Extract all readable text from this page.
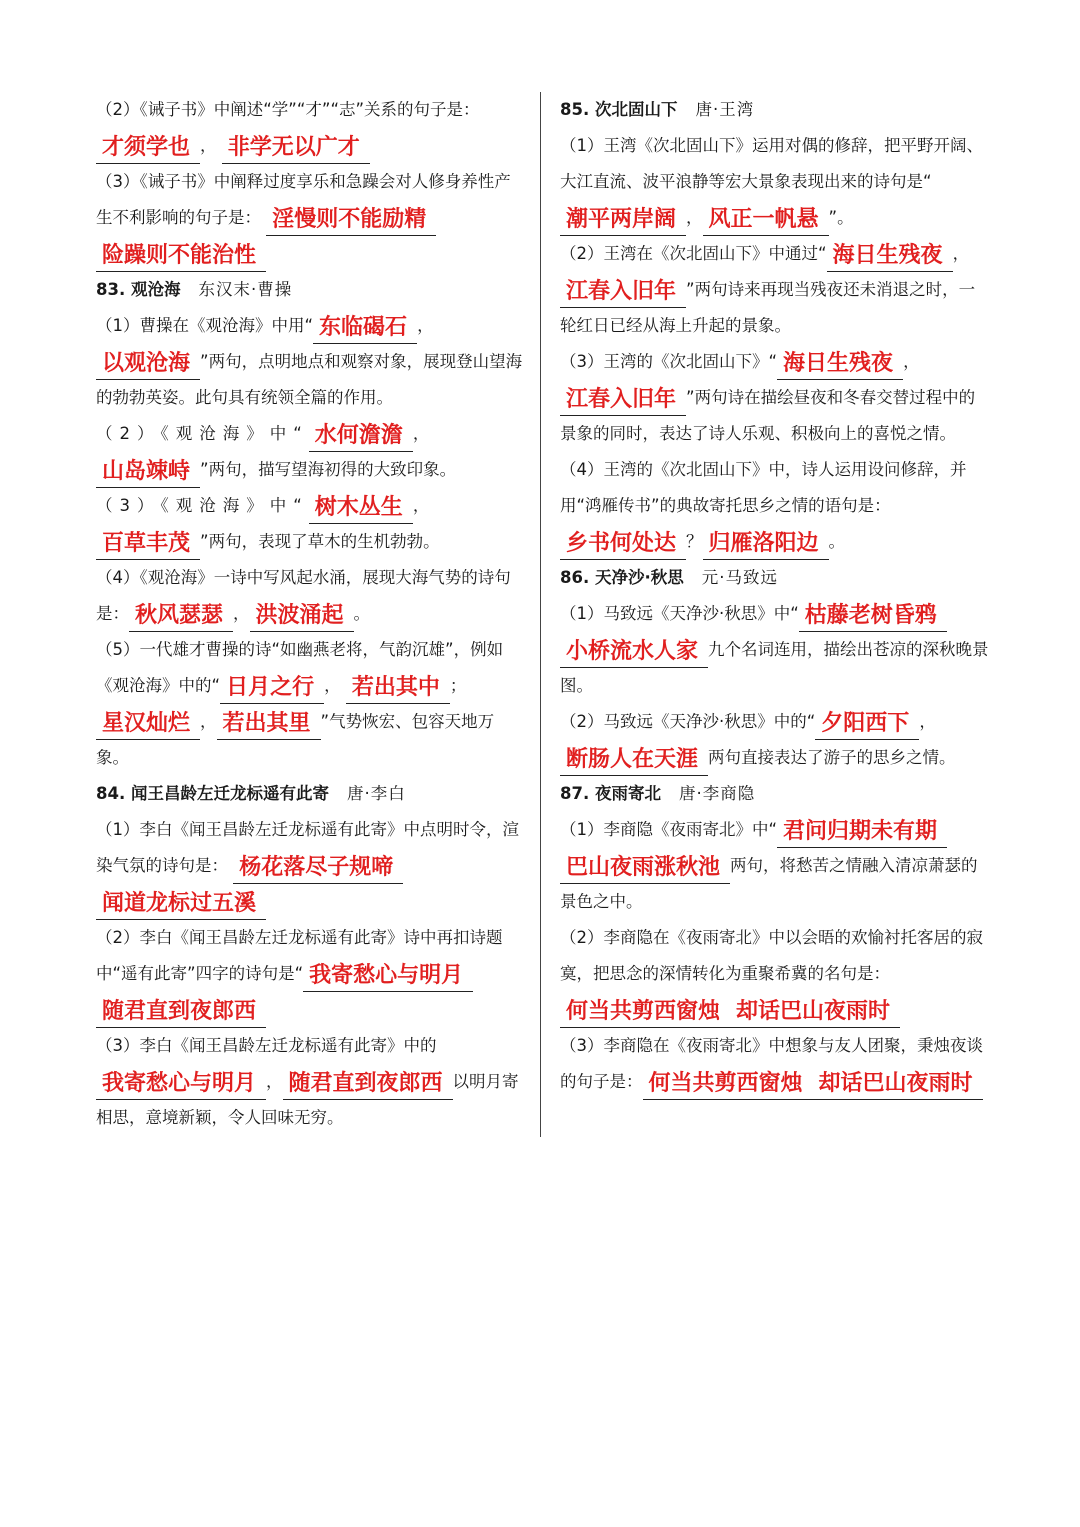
（2）《诫子书》中阐述“学”“才”“志”关系的句子是： 才须学也 ， 非学无以广才

（3）《诫子书》中阐释过度享乐和急躁会对人修身养性产生不利影响的句子是： 淫慢则不能励精 险躁则不能治性

83. 观沧海 东汉末·曹操

（1）曹操在《观沧海》中用“ 东临碣石 ， 以观沧海 ”两句，点明地点和观察对象，展现登山望海的勃勃英姿。此句具有统领全篇的作用。

（2）《观沧海》中“ 水何澹澹 ， 山岛竦峙 ”两句，描写望海初得的大致印象。

（3）《观沧海》中“ 树木丛生 ， 百草丰茂 ”两句，表现了草木的生机勃勃。

（4）《观沧海》一诗中写风起水涌，展现大海气势的诗句是： 秋风瑟瑟 ， 洪波涌起 。

（5）一代雄才曹操的诗“如幽燕老将，气韵沉雄”，例如《观沧海》中的“ 日月之行 ， 若出其中 ；星汉灿烂 ， 若出其里 ”气势恢宏、包容天地万象。

84. 闻王昌龄左迁龙标遥有此寄 唐·李白

（1）李白《闻王昌龄左迁龙标遥有此寄》中点明时令，渲染气氛的诗句是： 杨花落尽子规啼 闻道龙标过五溪

（2）李白《闻王昌龄左迁龙标遥有此寄》诗中再扣诗题中“遥有此寄”四字的诗句是“ 我寄愁心与明月 随君直到夜郎西

（3）李白《闻王昌龄左迁龙标遥有此寄》中的 我寄愁心与明月 ， 随君直到夜郎西 以明月寄相思，意境新颖，令人回味无穷。

85. 次北固山下 唐·王湾

（1）王湾《次北固山下》运用对偶的修辞，把平野开阔、大江直流、波平浪静等宏大景象表现出来的诗句是“潮平两岸阔 ， 风正一帆悬 ”。

（2）王湾在《次北固山下》中通过“ 海日生残夜 ， 江春入旧年 ”两句诗来再现当残夜还未消退之时，一轮红日已经从海上升起的景象。

（3）王湾的《次北固山下》“ 海日生残夜 ， 江春入旧年 ”两句诗在描绘昼夜和冬春交替过程中的景象的同时，表达了诗人乐观、积极向上的喜悦之情。

（4）王湾的《次北固山下》中，诗人运用设问修辞，并用“鸿雁传书”的典故寄托思乡之情的语句是： 乡书何处达 ？ 归雁洛阳边 。

86. 天净沙·秋思 元·马致远

（1）马致远《天净沙·秋思》中“ 枯藤老树昏鸦 小桥流水人家 九个名词连用，描绘出苍凉的深秋晚景图。

（2）马致远《天净沙·秋思》中的“ 夕阳西下 ， 断肠人在天涯 两句直接表达了游子的思乡之情。

87. 夜雨寄北 唐·李商隐

（1）李商隐《夜雨寄北》中“ 君问归期未有期 巴山夜雨涨秋池 两句，将愁苦之情融入清凉萧瑟的景色之中。

（2）李商隐在《夜雨寄北》中以会晤的欢愉衬托客居的寂寞，把思念的深情转化为重聚希冀的名句是： 何当共剪西窗烛 却话巴山夜雨时

（3）李商隐在《夜雨寄北》中想象与友人团聚，秉烛夜谈的句子是： 何当共剪西窗烛 却话巴山夜雨时
